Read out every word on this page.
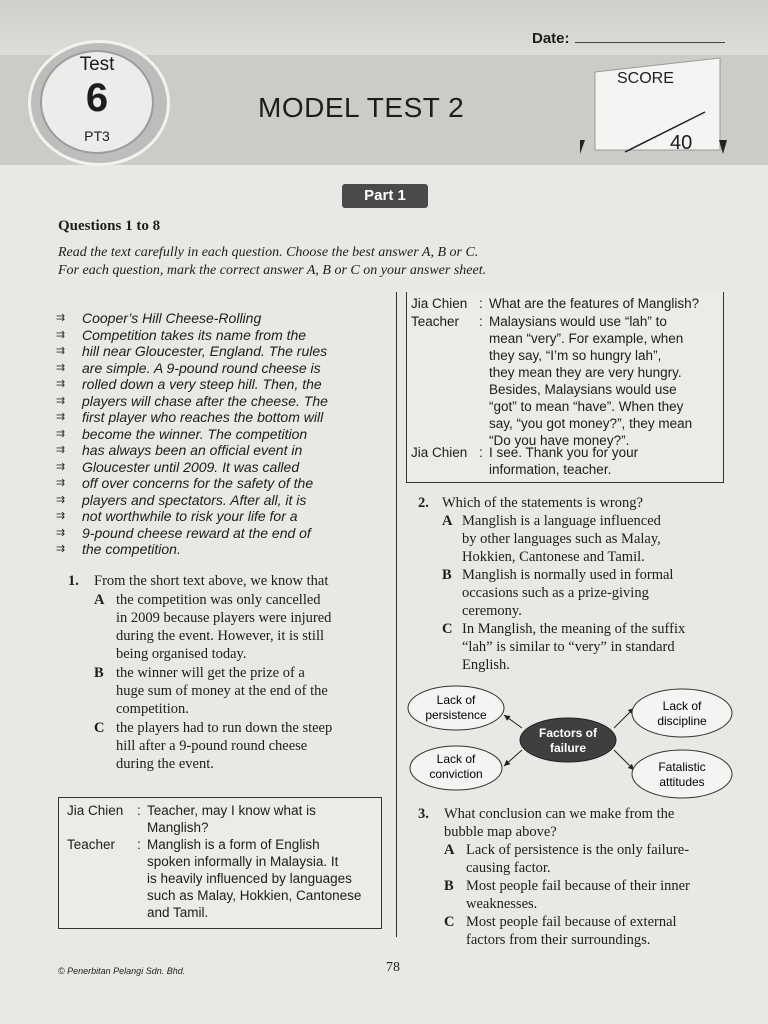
Date:
Test
6
PT3
MODEL TEST 2
SCORE
40
Part 1
Questions 1 to 8
Read the text carefully in each question. Choose the best answer A, B or C.
For each question, mark the correct answer A, B or C on your answer sheet.
⇉
⇉
⇉
⇉
⇉
⇉
⇉
⇉
⇉
⇉
⇉
⇉
⇉
⇉
⇉
Cooper’s Hill Cheese-Rolling
Competition takes its name from the
hill near Gloucester, England. The rules
are simple. A 9-pound round cheese is
rolled down a very steep hill. Then, the
players will chase after the cheese. The
first player who reaches the bottom will
become the winner. The competition
has always been an official event in
Gloucester until 2009. It was called
off over concerns for the safety of the
players and spectators. After all, it is
not worthwhile to risk your life for a
9-pound cheese reward at the end of
the competition.
1. From the short text above, we know that
A the competition was only cancelled
in 2009 because players were injured
during the event. However, it is still
being organised today.
B the winner will get the prize of a
huge sum of money at the end of the
competition.
C the players had to run down the steep
hill after a 9-pound round cheese
during the event.
Jia Chien : Teacher, may I know what is
Manglish?
Teacher : Manglish is a form of English
spoken informally in Malaysia. It
is heavily influenced by languages
such as Malay, Hokkien, Cantonese
and Tamil.
Jia Chien : What are the features of Manglish?
Teacher : Malaysians would use “lah” to
mean “very”. For example, when
they say, “I’m so hungry lah”,
they mean they are very hungry.
Besides, Malaysians would use
“got” to mean “have”. When they
say, “you got money?”, they mean
“Do you have money?”.
Jia Chien : I see. Thank you for your
information, teacher.
2. Which of the statements is wrong?
A Manglish is a language influenced
by other languages such as Malay,
Hokkien, Cantonese and Tamil.
B Manglish is normally used in formal
occasions such as a prize-giving
ceremony.
C In Manglish, the meaning of the suffix
“lah” is similar to “very” in standard
English.
Lack of
persistence
Lack of
discipline
Lack of
conviction	Fatalistic
attitudes
Factors of
failure
3. What conclusion can we make from the
bubble map above?
A Lack of persistence is the only failure-
causing factor.
B Most people fail because of their inner
weaknesses.
C Most people fail because of external
factors from their surroundings.
© Penerbitan Pelangi Sdn. Bhd.	78
